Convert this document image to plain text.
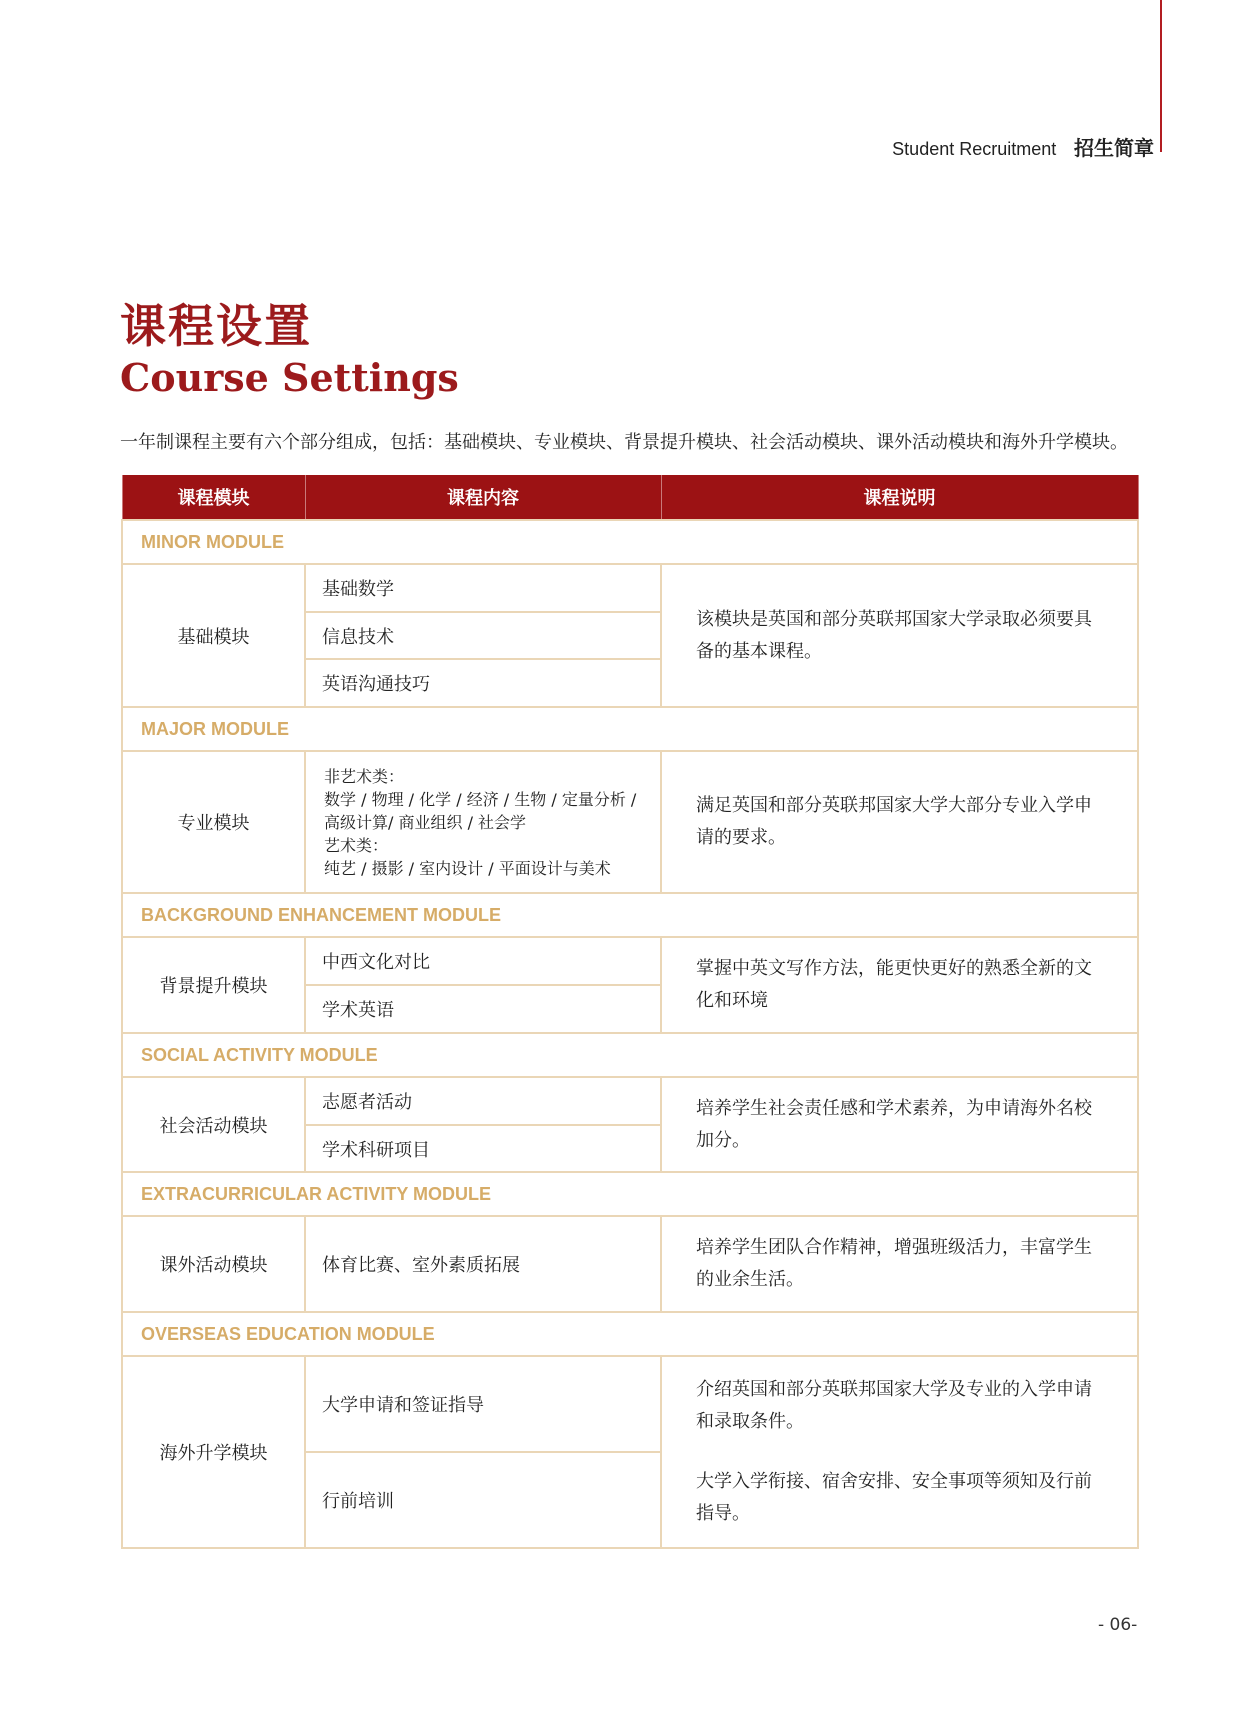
Student Recruitment 招生简章
课程设置
Course Settings
一年制课程主要有六个部分组成，包括：基础模块、专业模块、背景提升模块、社会活动模块、课外活动模块和海外升学模块。
课程模块	课程内容	课程说明
MINOR MODULE		
基础模块	基础数学	该模块是英国和部分英联邦国家大学录取必须要具备的基本课程。
	信息技术	
	英语沟通技巧	
MAJOR MODULE		
专业模块	非艺术类：
数学 / 物理 / 化学 / 经济 / 生物 / 定量分析 /
高级计算/ 商业组织 / 社会学
艺术类：
纯艺 / 摄影 / 室内设计 / 平面设计与美术	满足英国和部分英联邦国家大学大部分专业入学申请的要求。
BACKGROUND ENHANCEMENT MODULE		
背景提升模块	中西文化对比	掌握中英文写作方法，能更快更好的熟悉全新的文化和环境
	学术英语	
SOCIAL ACTIVITY MODULE		
社会活动模块	志愿者活动	培养学生社会责任感和学术素养，为申请海外名校加分。
	学术科研项目	
EXTRACURRICULAR ACTIVITY MODULE		
课外活动模块	体育比赛、室外素质拓展	培养学生团队合作精神，增强班级活力，丰富学生的业余生活。
OVERSEAS EDUCATION MODULE		
海外升学模块	大学申请和签证指导	介绍英国和部分英联邦国家大学及专业的入学申请和录取条件。
大学入学衔接、宿舍安排、安全事项等须知及行前指导。

	行前培训	
- 06-
